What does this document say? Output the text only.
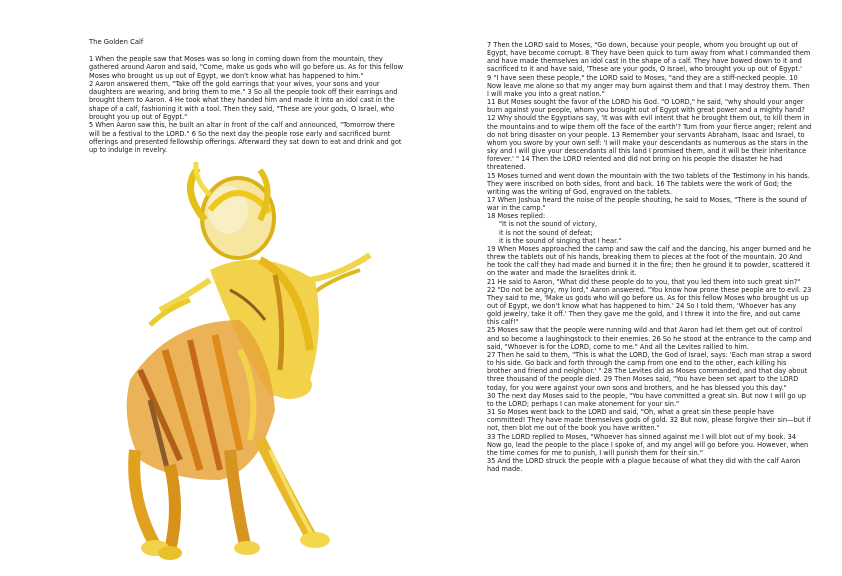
The Golden Calf

1 When the people saw that Moses was so long in coming down from the mountain, they gathered around Aaron and said, "Come, make us gods who will go before us. As for this fellow Moses who brought us up out of Egypt, we don't know what has happened to him."

2 Aaron answered them, "Take off the gold earrings that your wives, your sons and your daughters are wearing, and bring them to me." 3 So all the people took off their earrings and brought them to Aaron. 4 He took what they handed him and made it into an idol cast in the shape of a calf, fashioning it with a tool. Then they said, "These are your gods, O Israel, who brought you up out of Egypt."

5 When Aaron saw this, he built an altar in front of the calf and announced, "Tomorrow there will be a festival to the LORD." 6 So the next day the people rose early and sacrificed burnt offerings and presented fellowship offerings. Afterward they sat down to eat and drink and got up to indulge in revelry.

7 Then the LORD said to Moses, "Go down, because your people, whom you brought up out of Egypt, have become corrupt. 8 They have been quick to turn away from what I commanded them and have made themselves an idol cast in the shape of a calf. They have bowed down to it and sacrificed to it and have said, 'These are your gods, O Israel, who brought you up out of Egypt.'

9 "I have seen these people," the LORD said to Moses, "and they are a stiff-necked people. 10 Now leave me alone so that my anger may burn against them and that I may destroy them. Then I will make you into a great nation."

11 But Moses sought the favor of the LORD his God. "O LORD," he said, "why should your anger burn against your people, whom you brought out of Egypt with great power and a mighty hand? 12 Why should the Egyptians say, 'It was with evil intent that he brought them out, to kill them in the mountains and to wipe them off the face of the earth'? Turn from your fierce anger; relent and do not bring disaster on your people. 13 Remember your servants Abraham, Isaac and Israel, to whom you swore by your own self: 'I will make your descendants as numerous as the stars in the sky and I will give your descendants all this land I promised them, and it will be their inheritance forever.' " 14 Then the LORD relented and did not bring on his people the disaster he had threatened.

15 Moses turned and went down the mountain with the two tablets of the Testimony in his hands. They were inscribed on both sides, front and back. 16 The tablets were the work of God; the writing was the writing of God, engraved on the tablets.

17 When Joshua heard the noise of the people shouting, he said to Moses, "There is the sound of war in the camp."

18 Moses replied:

"It is not the sound of victory,

it is not the sound of defeat;

it is the sound of singing that I hear."

19 When Moses approached the camp and saw the calf and the dancing, his anger burned and he threw the tablets out of his hands, breaking them to pieces at the foot of the mountain. 20 And he took the calf they had made and burned it in the fire; then he ground it to powder, scattered it on the water and made the Israelites drink it.

21 He said to Aaron, "What did these people do to you, that you led them into such great sin?"

22 "Do not be angry, my lord," Aaron answered. "You know how prone these people are to evil. 23 They said to me, 'Make us gods who will go before us. As for this fellow Moses who brought us up out of Egypt, we don't know what has happened to him.' 24 So I told them, 'Whoever has any gold jewelry, take it off.' Then they gave me the gold, and I threw it into the fire, and out came this calf!"

25 Moses saw that the people were running wild and that Aaron had let them get out of control and so become a laughingstock to their enemies. 26 So he stood at the entrance to the camp and said, "Whoever is for the LORD, come to me." And all the Levites rallied to him.

27 Then he said to them, "This is what the LORD, the God of Israel, says: 'Each man strap a sword to his side. Go back and forth through the camp from one end to the other, each killing his brother and friend and neighbor.' " 28 The Levites did as Moses commanded, and that day about three thousand of the people died. 29 Then Moses said, "You have been set apart to the LORD today, for you were against your own sons and brothers, and he has blessed you this day."

30 The next day Moses said to the people, "You have committed a great sin. But now I will go up to the LORD; perhaps I can make atonement for your sin."

31 So Moses went back to the LORD and said, "Oh, what a great sin these people have committed! They have made themselves gods of gold. 32 But now, please forgive their sin—but if not, then blot me out of the book you have written."

33 The LORD replied to Moses, "Whoever has sinned against me I will blot out of my book. 34 Now go, lead the people to the place I spoke of, and my angel will go before you. However, when the time comes for me to punish, I will punish them for their sin."

35 And the LORD struck the people with a plague because of what they did with the calf Aaron had made.
